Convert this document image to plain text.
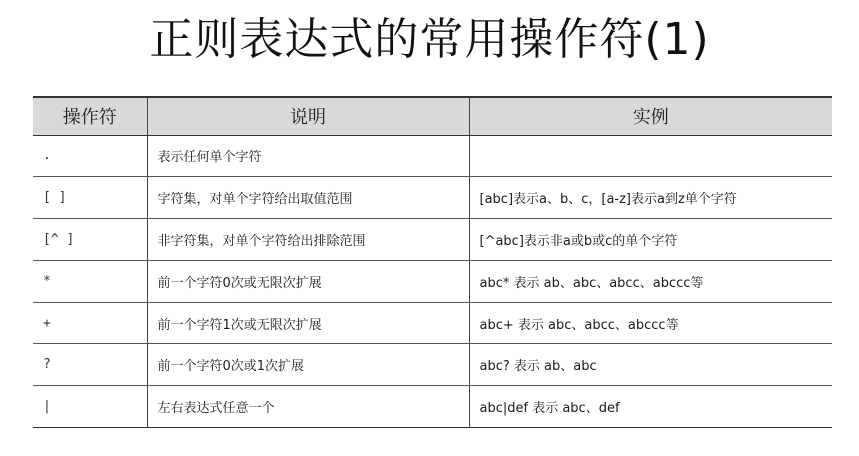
正则表达式的常用操作符(1)
操作符	说明	实例
.	表示任何单个字符	
[ ]	字符集，对单个字符给出取值范围	[abc]表示a、b、c，[a-z]表示a到z单个字符
[^ ]	非字符集，对单个字符给出排除范围	[^abc]表示非a或b或c的单个字符
*	前一个字符0次或无限次扩展	abc* 表示 ab、abc、abcc、abccc等
+	前一个字符1次或无限次扩展	abc+ 表示 abc、abcc、abccc等
?	前一个字符0次或1次扩展	abc? 表示 ab、abc
|	左右表达式任意一个	abc|def 表示 abc、def
